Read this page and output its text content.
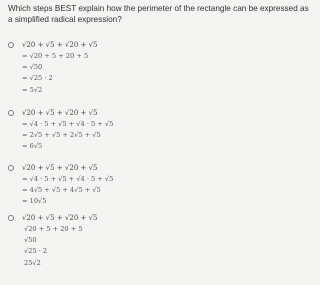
Which steps BEST explain how the perimeter of the rectangle can be expressed as a simplified radical expression?
√20 + √5 + √20 + √5
= √20 + 5 + 20 + 5
= √50
= √25 · 2
= 5√2
√20 + √5 + √20 + √5
= √4 · 5 + √5 + √4 · 5 + √5
= 2√5 + √5 + 2√5 + √5
= 6√5
√20 + √5 + √20 + √5
= √4 · 5 + √5 + √4 · 5 + √5
= 4√5 + √5 + 4√5 + √5
= 10√5
√20 + √5 + √20 + √5
√20 + 5 + 20 + 5
√50
√25 · 2
25√2
